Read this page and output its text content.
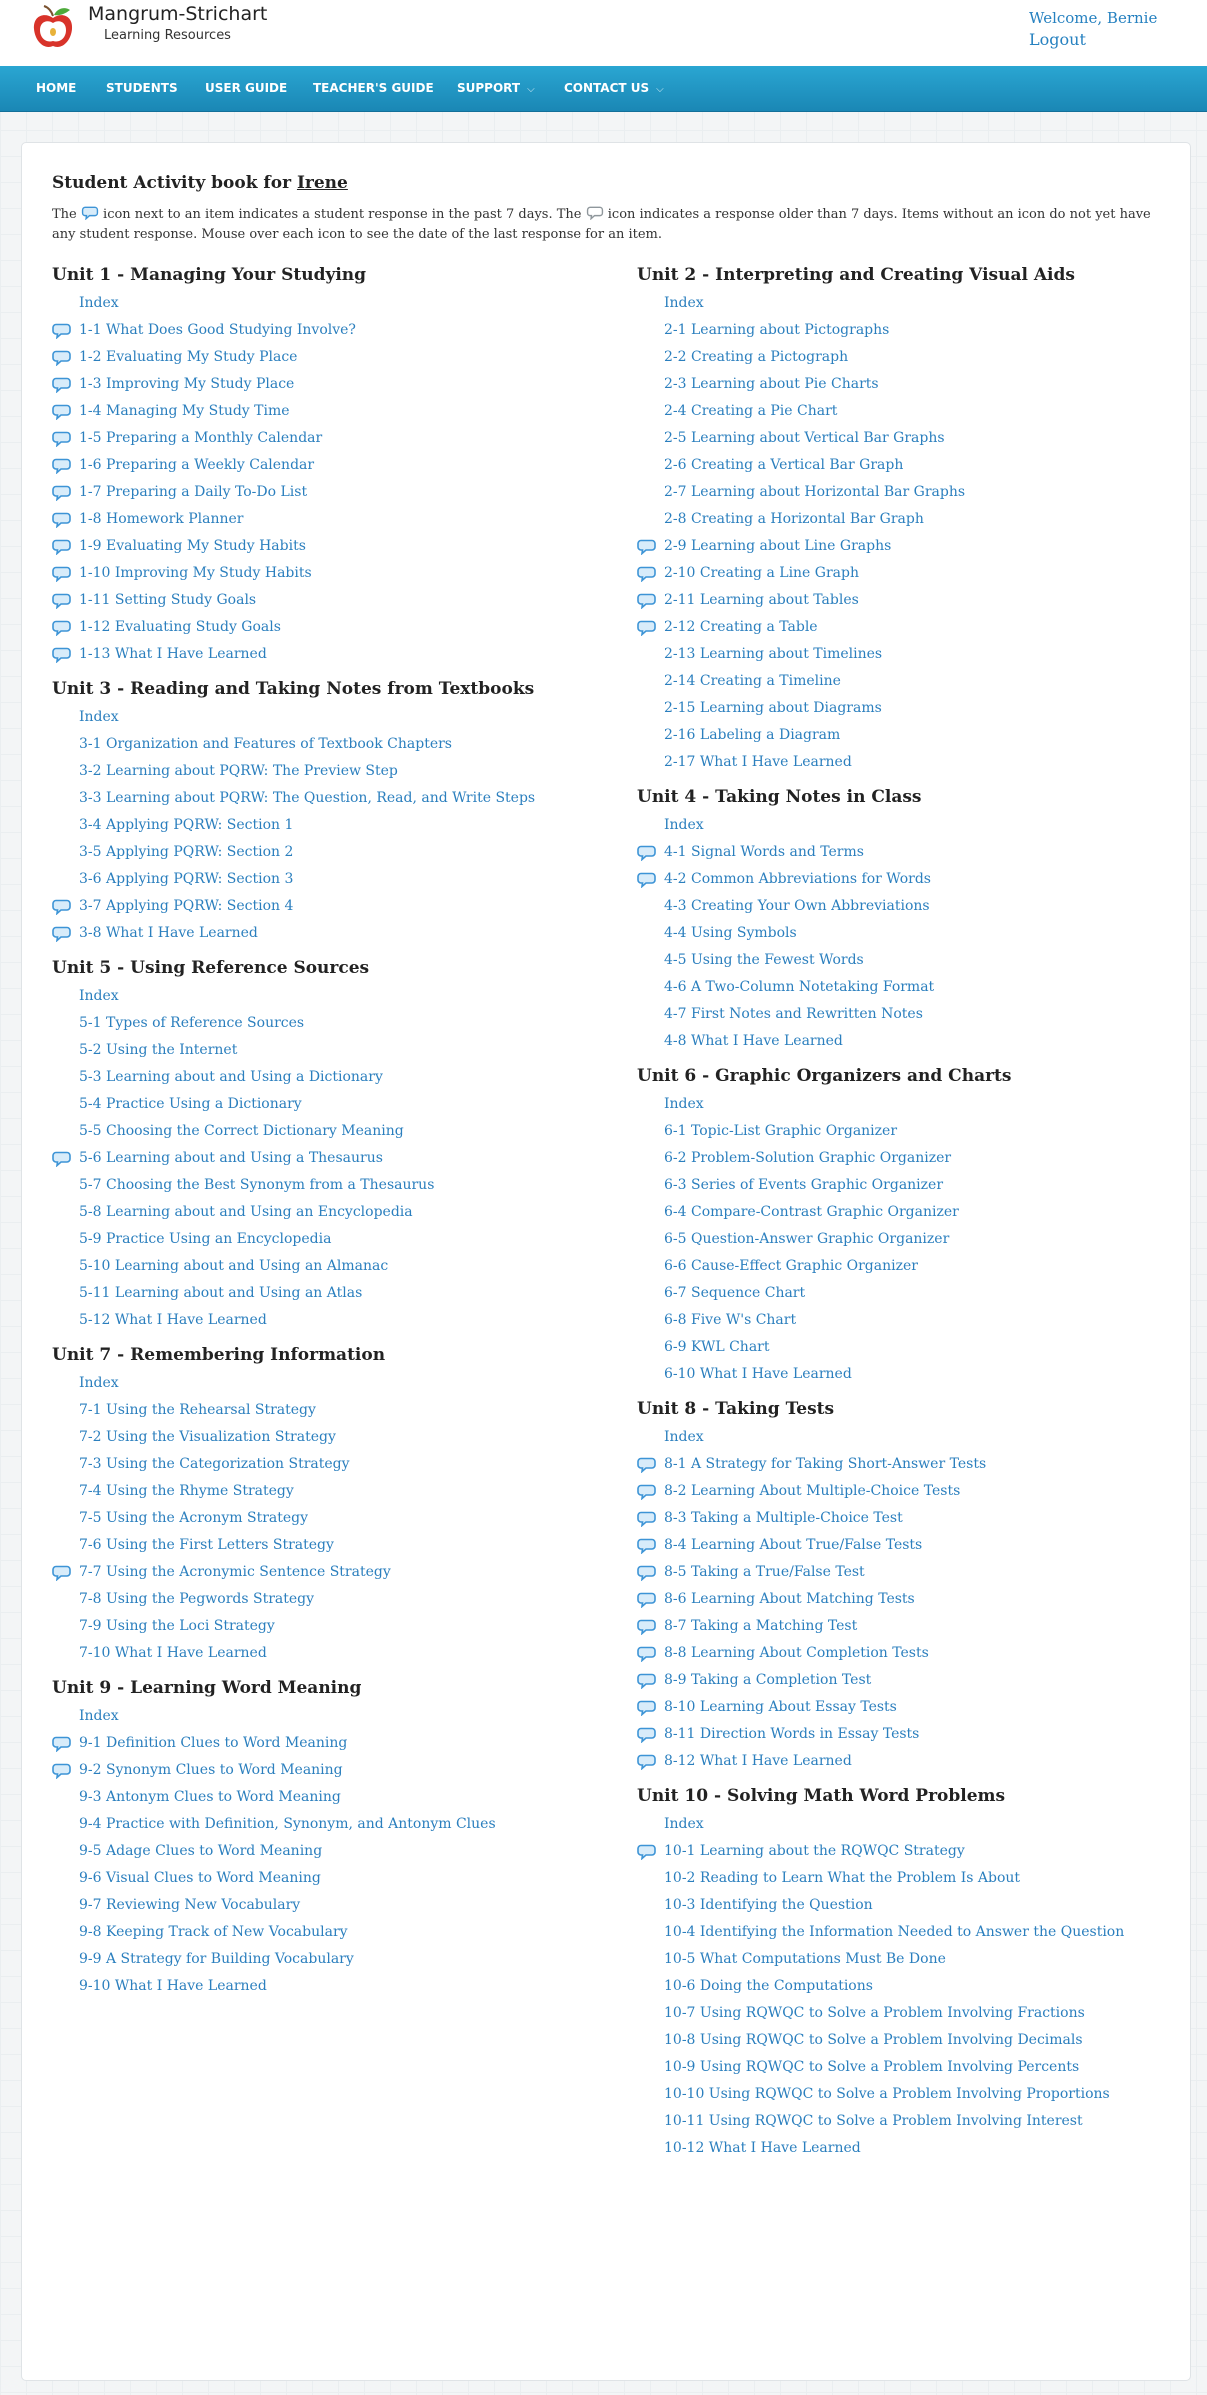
Mangrum-Strichart
Learning Resources
Welcome, Bernie
Logout
HOME STUDENTS USER GUIDE TEACHER'S GUIDE SUPPORT ⌵ CONTACT US ⌵
Student Activity book for Irene

The icon next to an item indicates a student response in the past 7 days. The icon indicates a response older than 7 days. Items without an icon do not yet have any student response. Mouse over each icon to see the date of the last response for an item.

Unit 1 - Managing Your Studying
Index
1-1 What Does Good Studying Involve?
1-2 Evaluating My Study Place
1-3 Improving My Study Place
1-4 Managing My Study Time
1-5 Preparing a Monthly Calendar
1-6 Preparing a Weekly Calendar
1-7 Preparing a Daily To-Do List
1-8 Homework Planner
1-9 Evaluating My Study Habits
1-10 Improving My Study Habits
1-11 Setting Study Goals
1-12 Evaluating Study Goals
1-13 What I Have Learned
Unit 3 - Reading and Taking Notes from Textbooks
Index
3-1 Organization and Features of Textbook Chapters
3-2 Learning about PQRW: The Preview Step
3-3 Learning about PQRW: The Question, Read, and Write Steps
3-4 Applying PQRW: Section 1
3-5 Applying PQRW: Section 2
3-6 Applying PQRW: Section 3
3-7 Applying PQRW: Section 4
3-8 What I Have Learned
Unit 5 - Using Reference Sources
Index
5-1 Types of Reference Sources
5-2 Using the Internet
5-3 Learning about and Using a Dictionary
5-4 Practice Using a Dictionary
5-5 Choosing the Correct Dictionary Meaning
5-6 Learning about and Using a Thesaurus
5-7 Choosing the Best Synonym from a Thesaurus
5-8 Learning about and Using an Encyclopedia
5-9 Practice Using an Encyclopedia
5-10 Learning about and Using an Almanac
5-11 Learning about and Using an Atlas
5-12 What I Have Learned
Unit 7 - Remembering Information
Index
7-1 Using the Rehearsal Strategy
7-2 Using the Visualization Strategy
7-3 Using the Categorization Strategy
7-4 Using the Rhyme Strategy
7-5 Using the Acronym Strategy
7-6 Using the First Letters Strategy
7-7 Using the Acronymic Sentence Strategy
7-8 Using the Pegwords Strategy
7-9 Using the Loci Strategy
7-10 What I Have Learned
Unit 9 - Learning Word Meaning
Index
9-1 Definition Clues to Word Meaning
9-2 Synonym Clues to Word Meaning
9-3 Antonym Clues to Word Meaning
9-4 Practice with Definition, Synonym, and Antonym Clues
9-5 Adage Clues to Word Meaning
9-6 Visual Clues to Word Meaning
9-7 Reviewing New Vocabulary
9-8 Keeping Track of New Vocabulary
9-9 A Strategy for Building Vocabulary
9-10 What I Have Learned
Unit 2 - Interpreting and Creating Visual Aids
Index
2-1 Learning about Pictographs
2-2 Creating a Pictograph
2-3 Learning about Pie Charts
2-4 Creating a Pie Chart
2-5 Learning about Vertical Bar Graphs
2-6 Creating a Vertical Bar Graph
2-7 Learning about Horizontal Bar Graphs
2-8 Creating a Horizontal Bar Graph
2-9 Learning about Line Graphs
2-10 Creating a Line Graph
2-11 Learning about Tables
2-12 Creating a Table
2-13 Learning about Timelines
2-14 Creating a Timeline
2-15 Learning about Diagrams
2-16 Labeling a Diagram
2-17 What I Have Learned
Unit 4 - Taking Notes in Class
Index
4-1 Signal Words and Terms
4-2 Common Abbreviations for Words
4-3 Creating Your Own Abbreviations
4-4 Using Symbols
4-5 Using the Fewest Words
4-6 A Two-Column Notetaking Format
4-7 First Notes and Rewritten Notes
4-8 What I Have Learned
Unit 6 - Graphic Organizers and Charts
Index
6-1 Topic-List Graphic Organizer
6-2 Problem-Solution Graphic Organizer
6-3 Series of Events Graphic Organizer
6-4 Compare-Contrast Graphic Organizer
6-5 Question-Answer Graphic Organizer
6-6 Cause-Effect Graphic Organizer
6-7 Sequence Chart
6-8 Five W's Chart
6-9 KWL Chart
6-10 What I Have Learned
Unit 8 - Taking Tests
Index
8-1 A Strategy for Taking Short-Answer Tests
8-2 Learning About Multiple-Choice Tests
8-3 Taking a Multiple-Choice Test
8-4 Learning About True/False Tests
8-5 Taking a True/False Test
8-6 Learning About Matching Tests
8-7 Taking a Matching Test
8-8 Learning About Completion Tests
8-9 Taking a Completion Test
8-10 Learning About Essay Tests
8-11 Direction Words in Essay Tests
8-12 What I Have Learned
Unit 10 - Solving Math Word Problems
Index
10-1 Learning about the RQWQC Strategy
10-2 Reading to Learn What the Problem Is About
10-3 Identifying the Question
10-4 Identifying the Information Needed to Answer the Question
10-5 What Computations Must Be Done
10-6 Doing the Computations
10-7 Using RQWQC to Solve a Problem Involving Fractions
10-8 Using RQWQC to Solve a Problem Involving Decimals
10-9 Using RQWQC to Solve a Problem Involving Percents
10-10 Using RQWQC to Solve a Problem Involving Proportions
10-11 Using RQWQC to Solve a Problem Involving Interest
10-12 What I Have Learned
